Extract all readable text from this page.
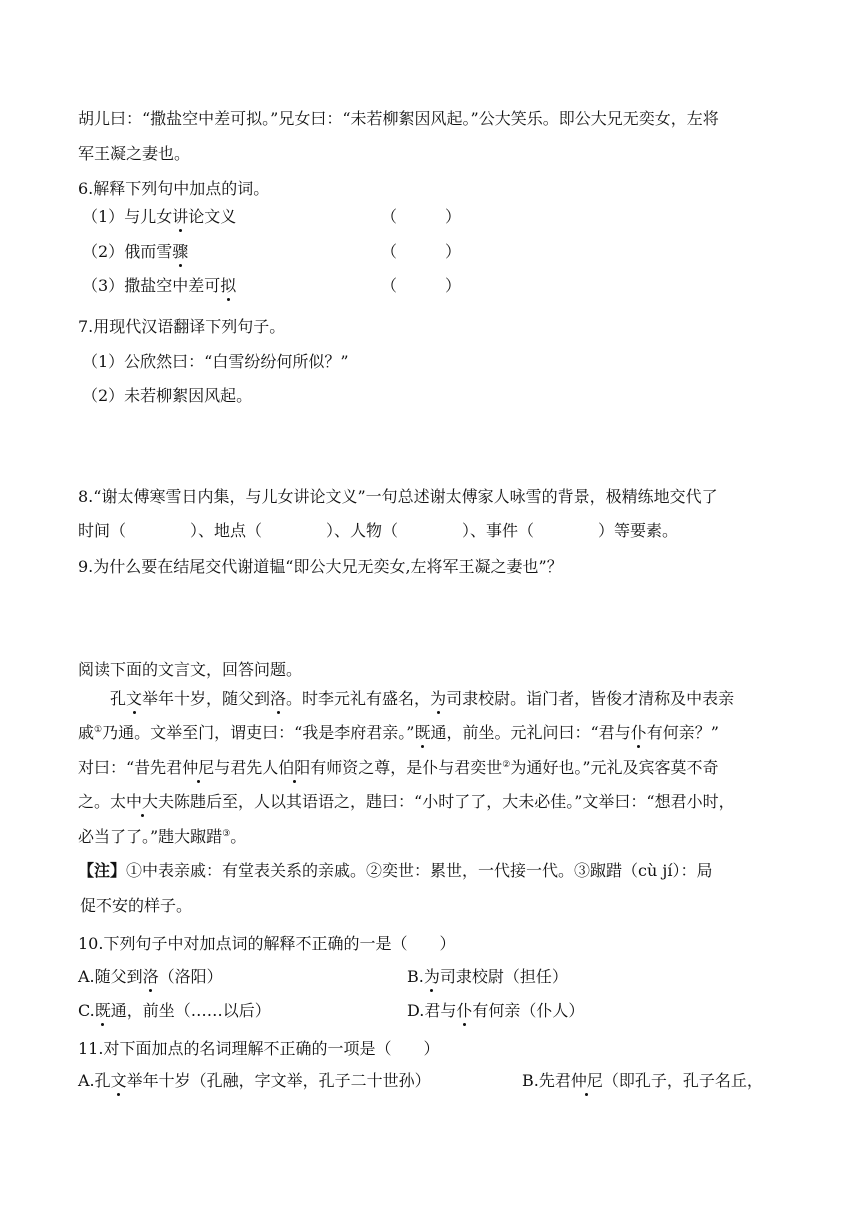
胡儿曰：“撒盐空中差可拟。”兄女曰：“未若柳絮因风起。”公大笑乐。即公大兄无奕女，左将
军王凝之妻也。
6.解释下列句中加点的词。
（1）与儿女讲论文义	（　　　）
（2）俄而雪骤	（　　　）
（3）撒盐空中差可拟	（　　　）
7.用现代汉语翻译下列句子。
（1）公欣然曰：“白雪纷纷何所似？”
（2）未若柳絮因风起。
8.“谢太傅寒雪日内集，与儿女讲论文义”一句总述谢太傅家人咏雪的背景，极精练地交代了
时间（　　　　）、地点（　　　　）、人物（　　　　）、事件（　　　　）等要素。
9.为什么要在结尾交代谢道韫“即公大兄无奕女,左将军王凝之妻也”？
阅读下面的文言文，回答问题。
孔文举年十岁，随父到洛。时李元礼有盛名，为司隶校尉。诣门者，皆俊才清称及中表亲
戚①乃通。文举至门，谓吏曰：“我是李府君亲。”既通，前坐。元礼问曰：“君与仆有何亲？”
对曰：“昔先君仲尼与君先人伯阳有师资之尊，是仆与君奕世②为通好也。”元礼及宾客莫不奇
之。太中大夫陈韪后至，人以其语语之，韪曰：“小时了了，大未必佳。”文举曰：“想君小时，
必当了了。”韪大踧踖③。
【注】①中表亲戚：有堂表关系的亲戚。②奕世：累世，一代接一代。③踧踖（cù jí）：局
促不安的样子。
10.下列句子中对加点词的解释不正确的一是（　　）
A.随父到洛（洛阳）	B.为司隶校尉（担任）
C.既通，前坐（……以后）	D.君与仆有何亲（仆人）
11.对下面加点的名词理解不正确的一项是（　　）
A.孔文举年十岁（孔融，字文举，孔子二十世孙）	B.先君仲尼（即孔子，孔子名丘，
